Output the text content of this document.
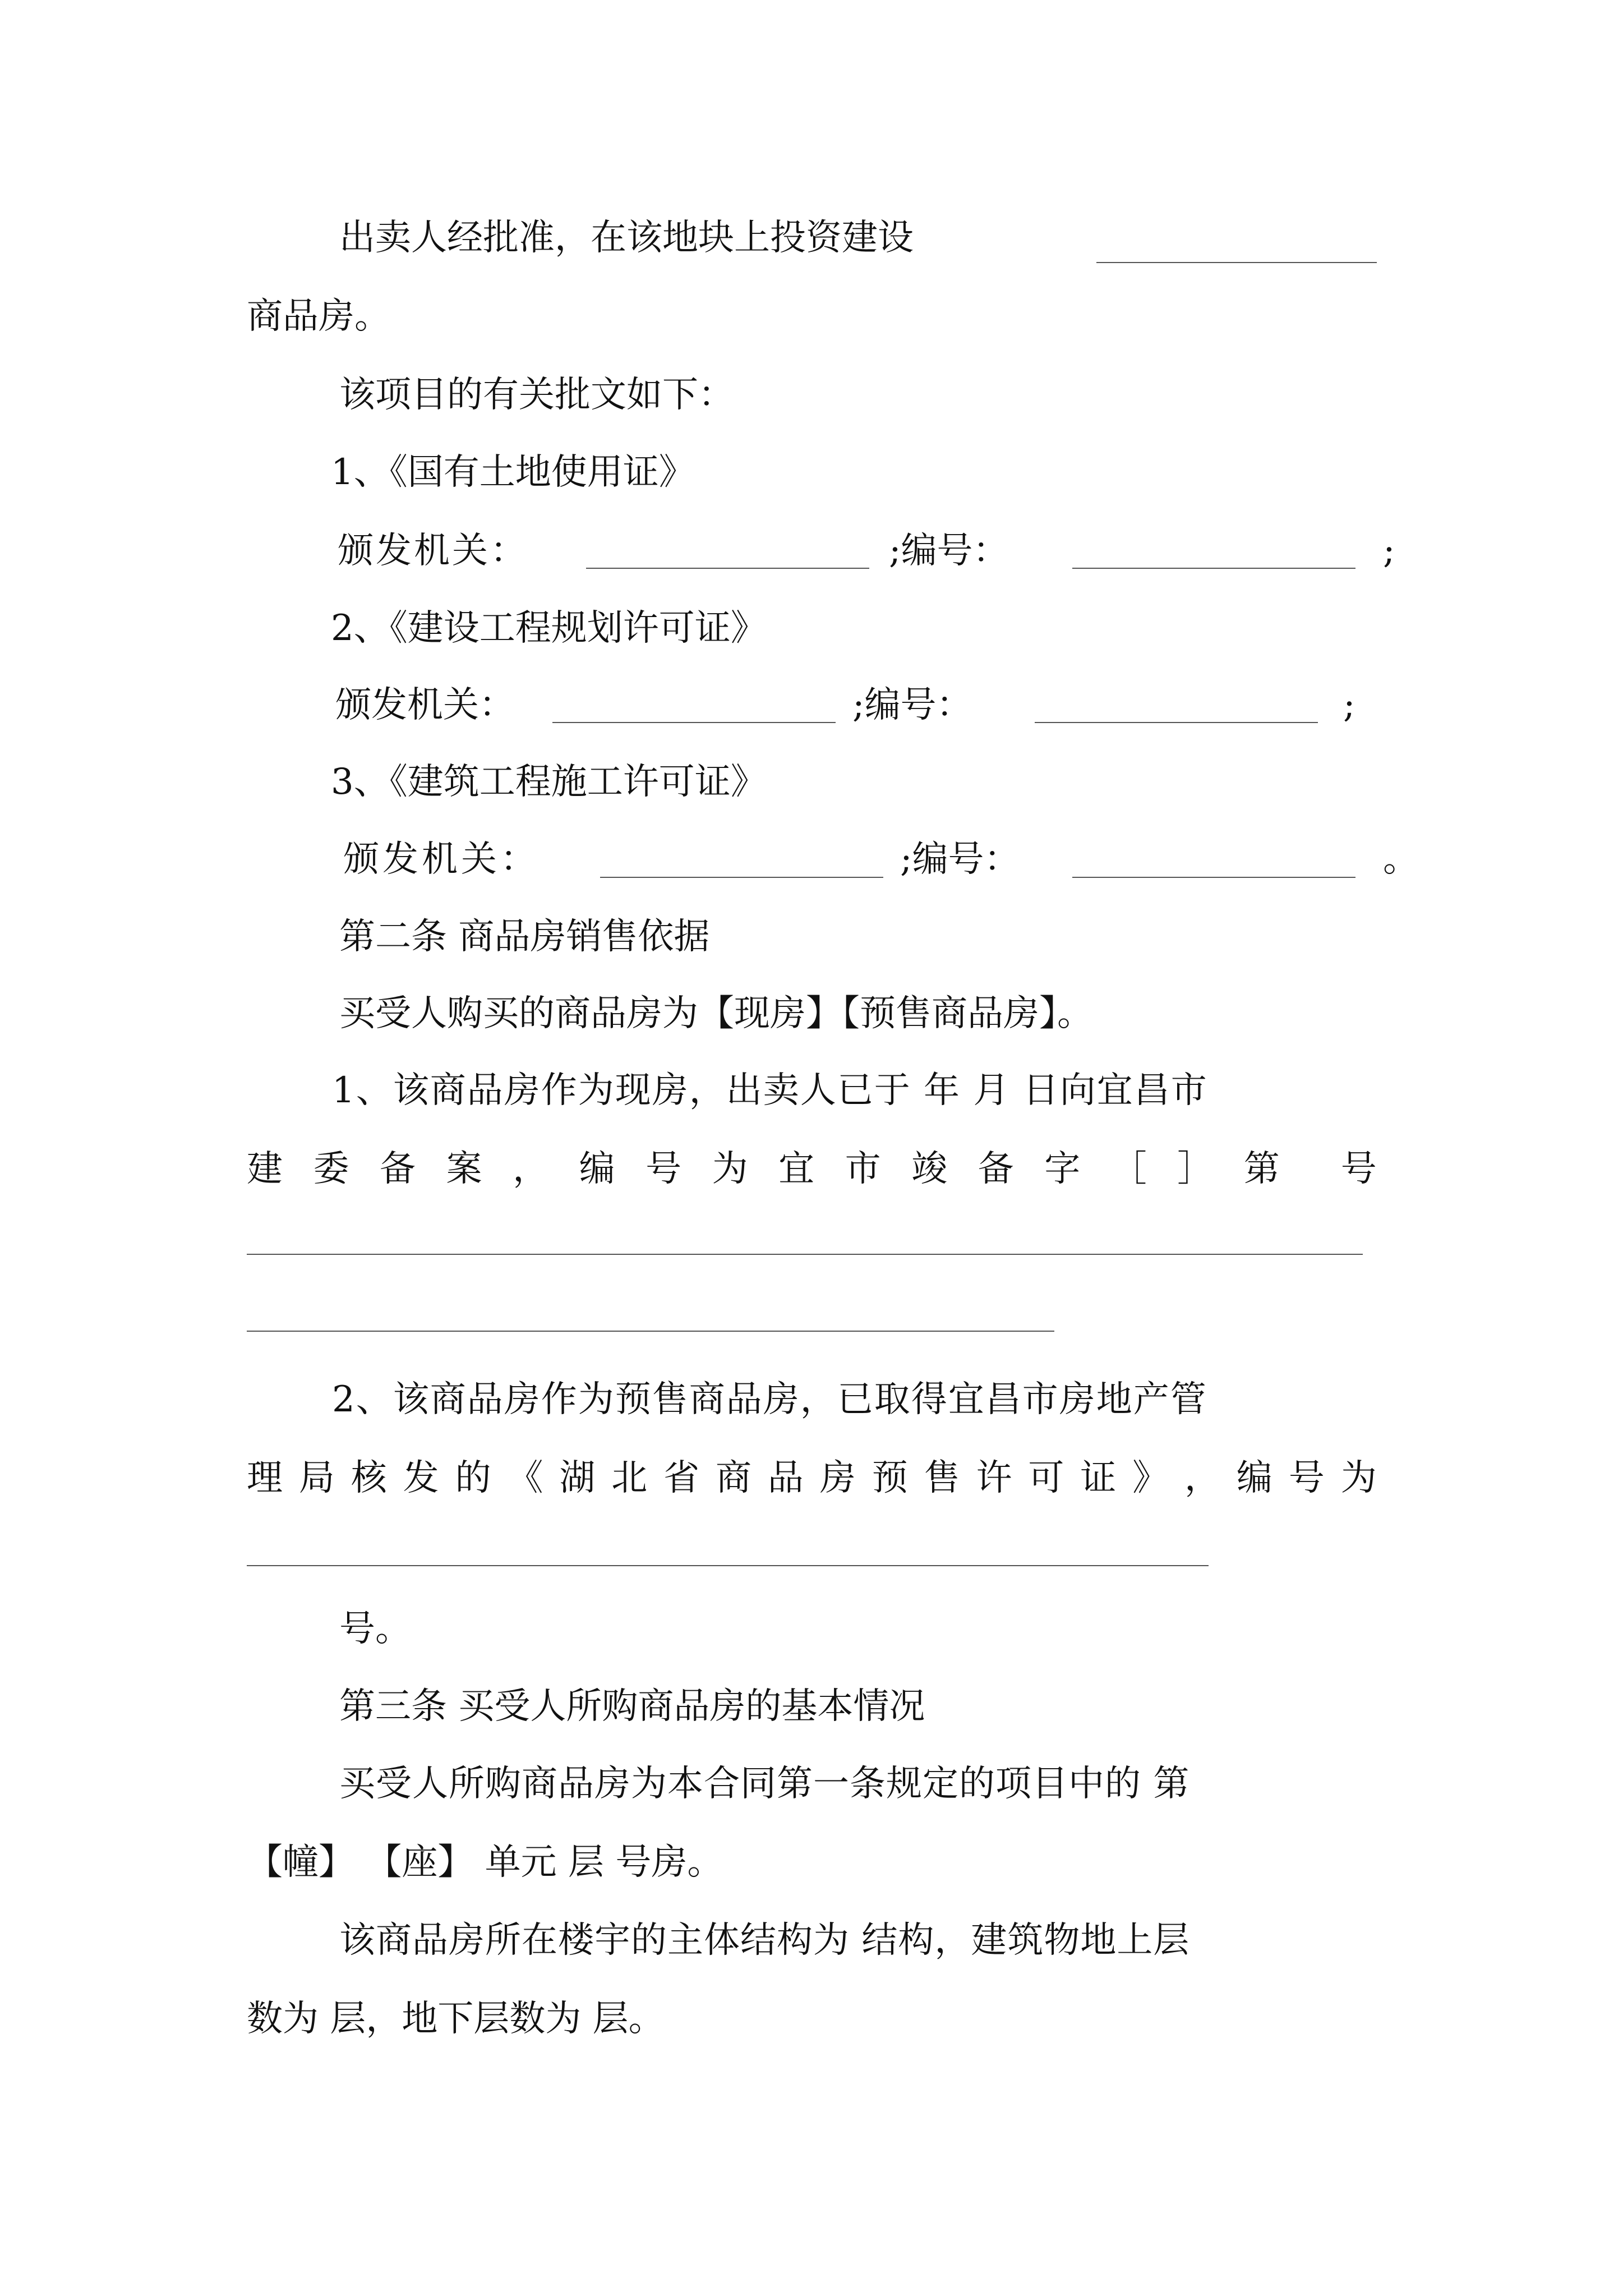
出卖人经批准，在该地块上投资建设
商品房。
该项目的有关批文如下：
1、《国有土地使用证》
颁发机关：	;编号：	;
2、《建设工程规划许可证》
颁发机关：	;编号：	;
3、《建筑工程施工许可证》
颁发机关：	;编号：	。
第二条 商品房销售依据
买受人购买的商品房为【现房】【预售商品房】。
1、该商品房作为现房，出卖人已于 年 月 日向宜昌市
建 委 备 案 ， 编 号 为 宜 市 竣 备 字 ［ ］ 第 号
2、该商品房作为预售商品房，已取得宜昌市房地产管
理 局 核 发 的 《 湖 北 省 商 品 房 预 售 许 可 证 》 ， 编 号 为
号。
第三条 买受人所购商品房的基本情况
买受人所购商品房为本合同第一条规定的项目中的 第
【幢】 【座】 单元 层 号房。
该商品房所在楼宇的主体结构为 结构，建筑物地上层
数为 层，地下层数为 层。
